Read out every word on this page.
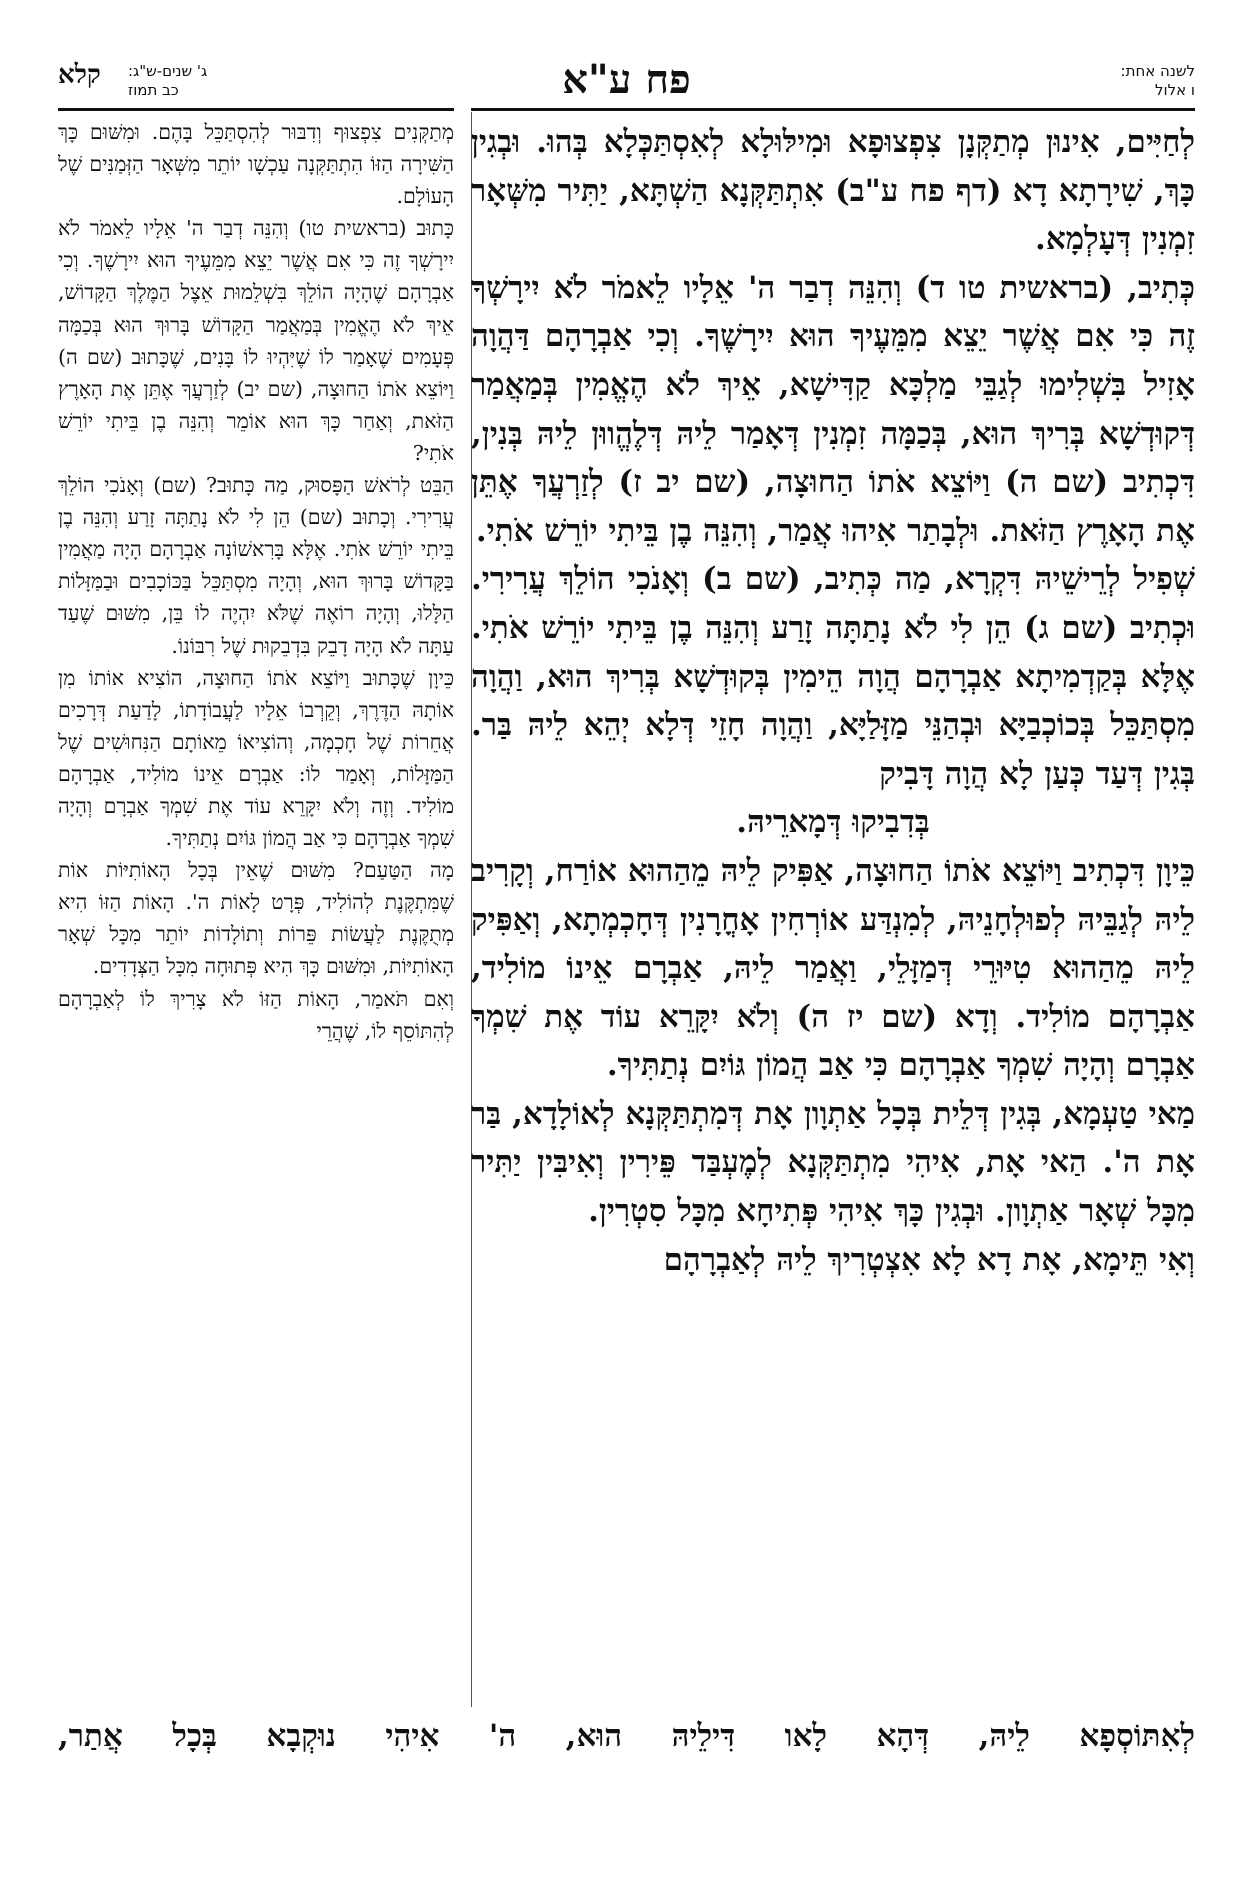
לשנה אחת:
ו אלול
פח ע"א
ג' שנים-ש"ג:
כב תמוז
קלא

לְחַיִּים, אִינוּן מְתַקְּנָן צִפְצוּפָא וּמִילּוּלָא לְאִסְתַּכְּלָא בְּהוּ. וּבְגִין כָּךְ, שִׁירָתָא דָא (דף פח ע"ב) אִתְתַּקְּנָא הַשְׁתָּא, יַתִּיר מִשְּׁאָר זִמְנִין דְּעָלְמָא.

כְּתִיב, (בראשית טו ד) וְהִנֵּה דְבַר ה' אֵלָיו לֵאמֹר לֹא יִירָשְׁךָ זֶה כִּי אִם אֲשֶׁר יֵצֵא מִמֵּעֶיךָ הוּא יִירָשֶׁךָ. וְכִי אַבְרָהָם דַּהֲוָה אָזִיל בִּשְׁלִימוּ לְגַבֵּי מַלְכָּא קַדִּישָׁא, אֵיךְ לֹא הֶאֱמִין בְּמַאֲמַר דְּקוּדְשָׁא בְּרִיךְ הוּא, בְּכַמָּה זִמְנִין דְּאָמַר לֵיהּ דְּלֶהֱווּן לֵיהּ בְּנִין, דִּכְתִיב (שם ה) וַיּוֹצֵא אֹתוֹ הַחוּצָה, (שם יב ז) לְזַרְעֲךָ אֶתֵּן אֶת הָאָרֶץ הַזֹּאת. וּלְבָתַר אִיהוּ אֲמַר, וְהִנֵּה בֶן בֵּיתִי יוֹרֵשׁ אֹתִי.

שְׁפִיל לְרֵישֵׁיהּ דִּקְרָא, מַה כְּתִיב, (שם ב) וְאָנֹכִי הוֹלֵךְ עֲרִירִי. וּכְתִיב (שם ג) הֵן לִי לֹא נָתַתָּה זָרַע וְהִנֵּה בֶן בֵּיתִי יוֹרֵשׁ אֹתִי. אֶלָּא בְּקַדְמִיתָא אַבְרָהָם הֲוָה הֵימִין בְּקוּדְשָׁא בְּרִיךְ הוּא, וַהֲוָה מִסְתַּכֵּל בְּכוֹכְבַיָּא וּבְהַנֵּי מַזָּלַיָּא, וַהֲוָה חָזֵי דְּלָא יְהֵא לֵיהּ בַּר. בְּגִין דְּעַד כְּעַן לָא הֲוָה דָּבִיק

בְּדִבִיקוּ דְּמָארֵיהּ.

כֵּיוָן דִּכְתִיב וַיּוֹצֵא אֹתוֹ הַחוּצָה, אַפִּיק לֵיהּ מֵהַהוּא אוֹרַח, וְקָרִיב לֵיהּ לְגַבֵּיהּ לְפוּלְחָנֵיהּ, לְמִנְדַּע אוֹרְחִין אָחֳרָנִין דְּחָכְמְתָא, וְאַפִּיק לֵיהּ מֵהַהוּא טִיּוּרֵי דְּמַזָּלֵי, וַאֲמַר לֵיהּ, אַבְרָם אֵינוֹ מוֹלִיד, אַבְרָהָם מוֹלִיד. וְדָא (שם יז ה) וְלֹא יִקָּרֵא עוֹד אֶת שִׁמְךָ אַבְרָם וְהָיָה שִׁמְךָ אַבְרָהָם כִּי אַב הֲמוֹן גּוֹיִם נְתַתִּיךָ.

מַאי טַעְמָא, בְּגִין דְּלֵית בְּכָל אַתְוָון אָת דְּמִתְתַּקְּנָא לְאוֹלָדָא, בַּר אָת ה'. הַאי אָת, אִיהִי מִתְתַּקְּנָא לְמֶעְבַּד פֵּירִין וְאִיבִּין יַתִּיר מִכָּל שְׁאָר אַתְוָון. וּבְגִין כָּךְ אִיהִי פְּתִיחָא מִכָּל סִטְרִין.

וְאִי תֵּימָא, אָת דָא לָא אִצְטְרִיךְ לֵיהּ לְאַבְרָהָם

מְתַקְּנִים צִפְצוּף וְדִבּוּר לְהִסְתַּכֵּל בָּהֶם. וּמִשּׁוּם כָּךְ הַשִּׁירָה הַזּוֹ הִתְתַּקְּנָה עַכְשָׁו יוֹתֵר מִשְּׁאָר הַזְּמַנִּים שֶׁל הָעוֹלָם.

כָּתוּב (בראשית טו) וְהִנֵּה דְבַר ה' אֵלָיו לֵאמֹר לֹא יִירָשְׁךָ זֶה כִּי אִם אֲשֶׁר יֵצֵא מִמֵּעֶיךָ הוּא יִירָשֶׁךָ. וְכִי אַבְרָהָם שֶׁהָיָה הוֹלֵךְ בִּשְׁלֵמוּת אֵצֶל הַמֶּלֶךְ הַקָּדוֹשׁ, אֵיךְ לֹא הֶאֱמִין בְּמַאֲמַר הַקָּדוֹשׁ בָּרוּךְ הוּא בְּכַמָּה פְּעָמִים שֶׁאָמַר לוֹ שֶׁיִּהְיוּ לוֹ בָּנִים, שֶׁכָּתוּב (שם ה) וַיּוֹצֵא אֹתוֹ הַחוּצָה, (שם יב) לְזַרְעֲךָ אֶתֵּן אֶת הָאָרֶץ הַזֹּאת, וְאַחַר כָּךְ הוּא אוֹמֵר וְהִנֵּה בֶן בֵּיתִי יוֹרֵשׁ אֹתִי?

הַבֵּט לְרֹאשׁ הַפָּסוּק, מַה כָּתוּב? (שם) וְאָנֹכִי הוֹלֵךְ עֲרִירִי. וְכָתוּב (שם) הֵן לִי לֹא נָתַתָּה זָרַע וְהִנֵּה בֶן בֵּיתִי יוֹרֵשׁ אֹתִי. אֶלָּא בָּרִאשׁוֹנָה אַבְרָהָם הָיָה מַאֲמִין בַּקָּדוֹשׁ בָּרוּךְ הוּא, וְהָיָה מִסְתַּכֵּל בַּכּוֹכָבִים וּבַמַּזָּלוֹת הַלָּלוּ, וְהָיָה רוֹאֶה שֶׁלֹּא יִהְיֶה לוֹ בֵּן, מִשּׁוּם שֶׁעַד עַתָּה לֹא הָיָה דָבֵק בִּדְבֵקוּת שֶׁל רִבּוֹנוֹ.

כֵּיוָן שֶׁכָּתוּב וַיּוֹצֵא אֹתוֹ הַחוּצָה, הוֹצִיא אוֹתוֹ מִן אוֹתָהּ הַדֶּרֶךְ, וְקֵרְבוֹ אֵלָיו לַעֲבוֹדָתוֹ, לָדַעַת דְּרָכִים אֲחֵרוֹת שֶׁל חָכְמָה, וְהוֹצִיאוֹ מֵאוֹתָם הַנִּחוּשִׁים שֶׁל הַמַּזָּלוֹת, וְאָמַר לוֹ: אַבְרָם אֵינוֹ מוֹלִיד, אַבְרָהָם מוֹלִיד. וְזֶה וְלֹא יִקָּרֵא עוֹד אֶת שִׁמְךָ אַבְרָם וְהָיָה שִׁמְךָ אַבְרָהָם כִּי אַב הֲמוֹן גּוֹיִם נְתַתִּיךָ.

מָה הַטַּעַם? מִשּׁוּם שֶׁאֵין בְּכָל הָאוֹתִיּוֹת אוֹת שֶׁמִּתְקֶּנֶת לְהוֹלִיד, פְּרָט לָאוֹת ה'. הָאוֹת הַזּוֹ הִיא מְתֻקֶּנֶת לַעֲשׂוֹת פֵּרוֹת וְתוֹלָדוֹת יוֹתֵר מִכָּל שְׁאָר הָאוֹתִיּוֹת, וּמִשּׁוּם כָּךְ הִיא פְּתוּחָה מִכָּל הַצְּדָדִים.

וְאִם תֹּאמַר, הָאוֹת הַזּוֹ לֹא צָרִיךְ לוֹ לְאַבְרָהָם לְהִתּוֹסֵף לוֹ, שֶׁהֲרֵי

לְאִתּוֹסְפָא לֵיהּ, דְּהָא לָאו דִּילֵיהּ הוּא, ה' אִיהִי נוּקְבָא בְּכָל אֲתַר,
